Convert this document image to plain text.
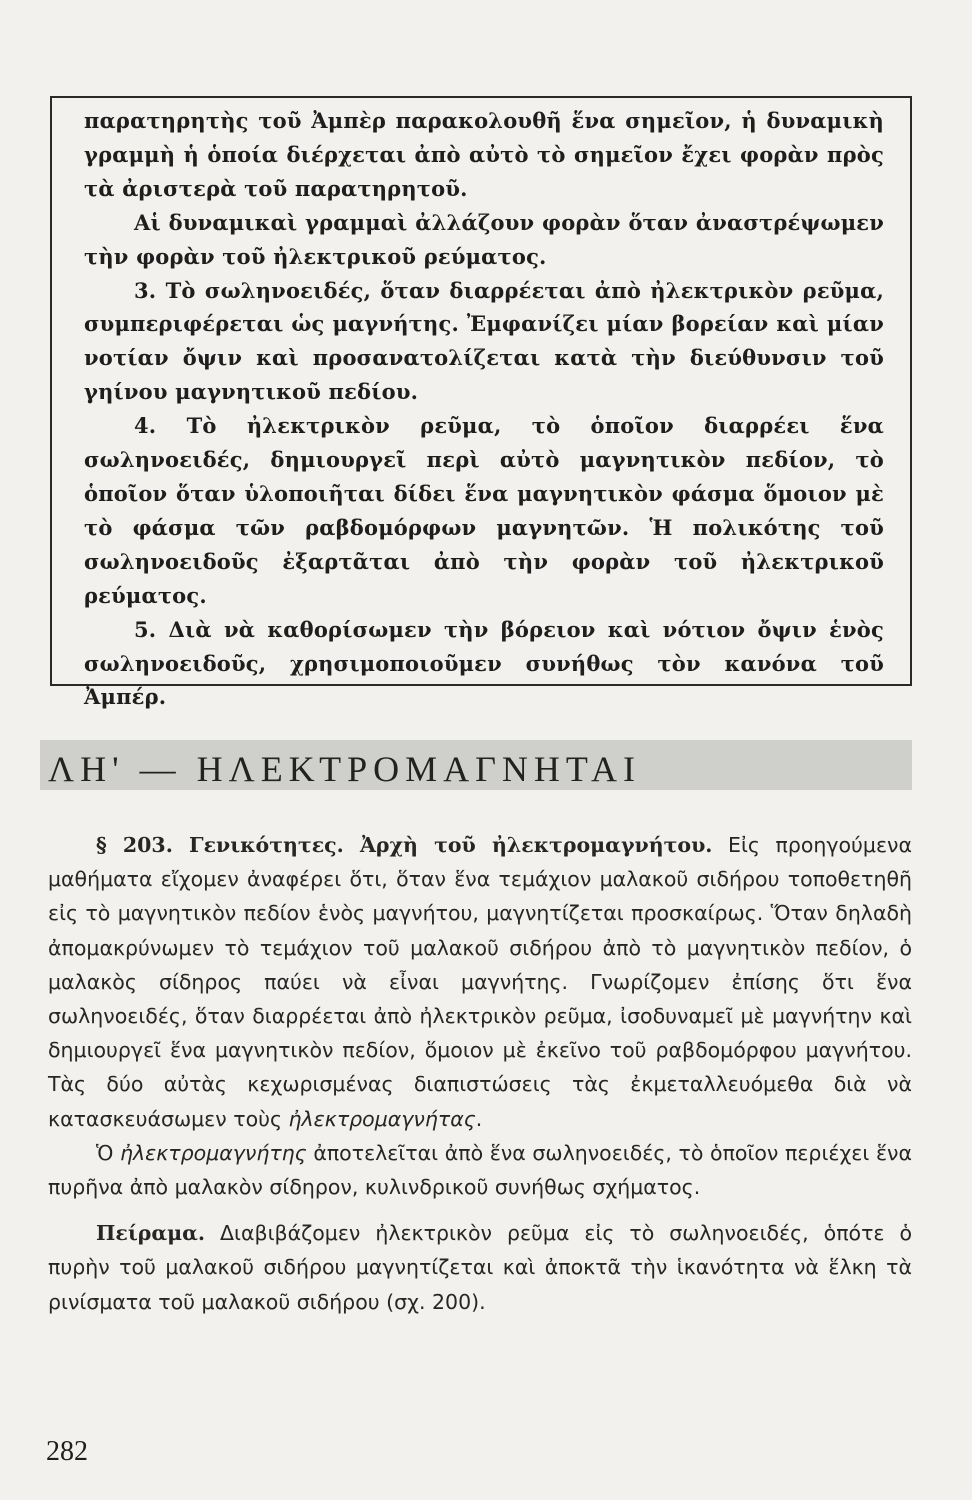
παρατηρητὴς τοῦ Ἀμπὲρ παρακολουθῆ ἕνα σημεῖον, ἡ δυναμικὴ γραμμὴ ἡ ὁποία διέρχεται ἀπὸ αὐτὸ τὸ σημεῖον ἔχει φορὰν πρὸς τὰ ἀριστερὰ τοῦ παρατηρητοῦ.

Αἱ δυναμικαὶ γραμμαὶ ἀλλάζουν φορὰν ὅταν ἀναστρέψωμεν τὴν φορὰν τοῦ ἠλεκτρικοῦ ρεύματος.

3. Τὸ σωληνοειδές, ὅταν διαρρέεται ἀπὸ ἠλεκτρικὸν ρεῦμα, συμπεριφέρεται ὡς μαγνήτης. Ἐμφανίζει μίαν βορείαν καὶ μίαν νοτίαν ὄψιν καὶ προσανατολίζεται κατὰ τὴν διεύθυνσιν τοῦ γηίνου μαγνητικοῦ πεδίου.

4. Τὸ ἠλεκτρικὸν ρεῦμα, τὸ ὁποῖον διαρρέει ἕνα σωληνοειδές, δημιουργεῖ περὶ αὐτὸ μαγνητικὸν πεδίον, τὸ ὁποῖον ὅταν ὑλοποιῆται δίδει ἕνα μαγνητικὸν φάσμα ὅμοιον μὲ τὸ φάσμα τῶν ραβδομόρφων μαγνητῶν. Ἡ πολικότης τοῦ σωληνοειδοῦς ἐξαρτᾶται ἀπὸ τὴν φορὰν τοῦ ἠλεκτρικοῦ ρεύματος.

5. Διὰ νὰ καθορίσωμεν τὴν βόρειον καὶ νότιον ὄψιν ἑνὸς σωληνοειδοῦς, χρησιμοποιοῦμεν συνήθως τὸν κανόνα τοῦ Ἀμπέρ.

ΛΗ' — ΗΛΕΚΤΡΟΜΑΓΝΗΤΑΙ

§ 203. Γενικότητες. Ἀρχὴ τοῦ ἠλεκτρομαγνήτου. Εἰς προηγούμενα μαθήματα εἴχομεν ἀναφέρει ὅτι, ὅταν ἕνα τεμάχιον μαλακοῦ σιδήρου τοποθετηθῆ εἰς τὸ μαγνητικὸν πεδίον ἑνὸς μαγνήτου, μαγνητίζεται προσκαίρως. Ὅταν δηλαδὴ ἀπομακρύνωμεν τὸ τεμάχιον τοῦ μαλακοῦ σιδήρου ἀπὸ τὸ μαγνητικὸν πεδίον, ὁ μαλακὸς σίδηρος παύει νὰ εἶναι μαγνήτης. Γνωρίζομεν ἐπίσης ὅτι ἕνα σωληνοειδές, ὅταν διαρρέεται ἀπὸ ἠλεκτρικὸν ρεῦμα, ἰσοδυναμεῖ μὲ μαγνήτην καὶ δημιουργεῖ ἕνα μαγνητικὸν πεδίον, ὅμοιον μὲ ἐκεῖνο τοῦ ραβδομόρφου μαγνήτου. Τὰς δύο αὐτὰς κεχωρισμένας διαπιστώσεις τὰς ἐκμεταλλευόμεθα διὰ νὰ κατασκευάσωμεν τοὺς ἠλεκτρομαγνήτας.

Ὁ ἠλεκτρομαγνήτης ἀποτελεῖται ἀπὸ ἕνα σωληνοειδές, τὸ ὁποῖον περιέχει ἕνα πυρῆνα ἀπὸ μαλακὸν σίδηρον, κυλινδρικοῦ συνήθως σχήματος.

Πείραμα. Διαβιβάζομεν ἠλεκτρικὸν ρεῦμα εἰς τὸ σωληνοειδές, ὁπότε ὁ πυρὴν τοῦ μαλακοῦ σιδήρου μαγνητίζεται καὶ ἀποκτᾶ τὴν ἱκανότητα νὰ ἕλκη τὰ ρινίσματα τοῦ μαλακοῦ σιδήρου (σχ. 200).

282
